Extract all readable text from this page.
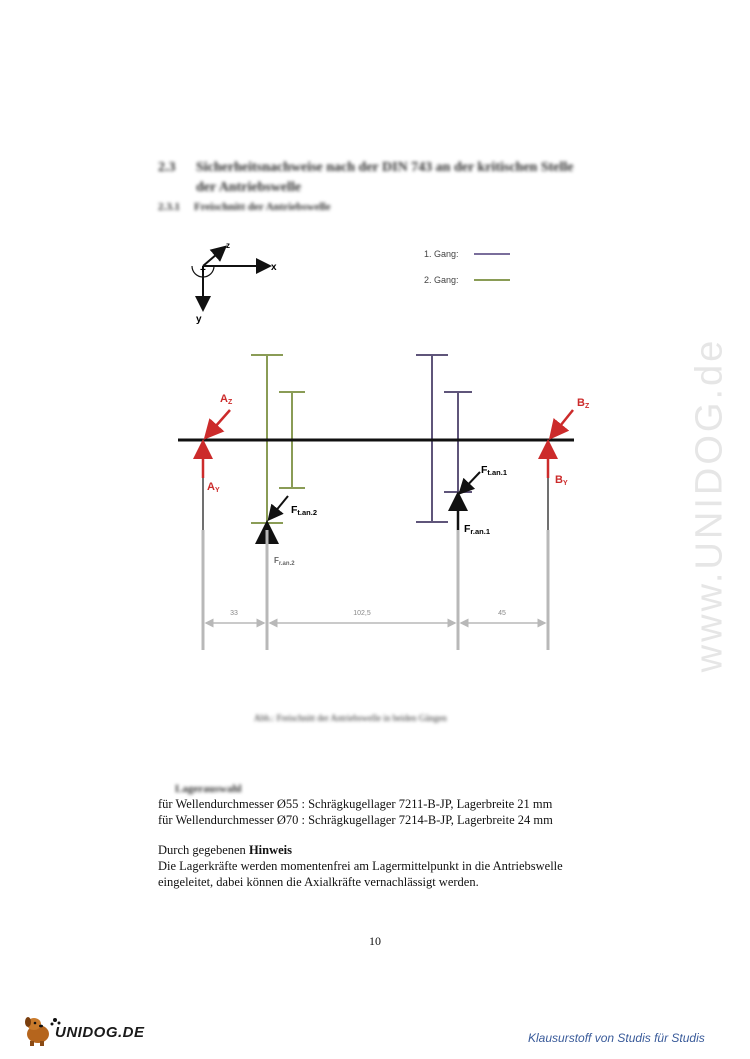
2.3 Sicherheitsnachweise nach der DIN 743 an der kritischen Stelle der Antriebswelle
2.3.1 Freischnitt der Antriebswelle
x
y
z
+
1. Gang:
2. Gang:
AZ
AY
BZ
BY
Ft.an.2
$F_{r.an.2}$
Ft.an.1
Fr.an.1
33	102,5	45
Abb.: Freischnitt der Antriebswelle in beiden Gängen
Lagerauswahl
für Wellendurchmesser Ø55 : Schrägkugellager 7211-B-JP, Lagerbreite 21 mm
für Wellendurchmesser Ø70 : Schrägkugellager 7214-B-JP, Lagerbreite 24 mm
Durch gegebenen Hinweis
Die Lagerkräfte werden momentenfrei am Lagermittelpunkt in die Antriebswelle
eingeleitet, dabei können die Axialkräfte vernachlässigt werden.
10
www.UNIDOG.de
UNIDOG.DE	Klausurstoff von Studis für Studis
